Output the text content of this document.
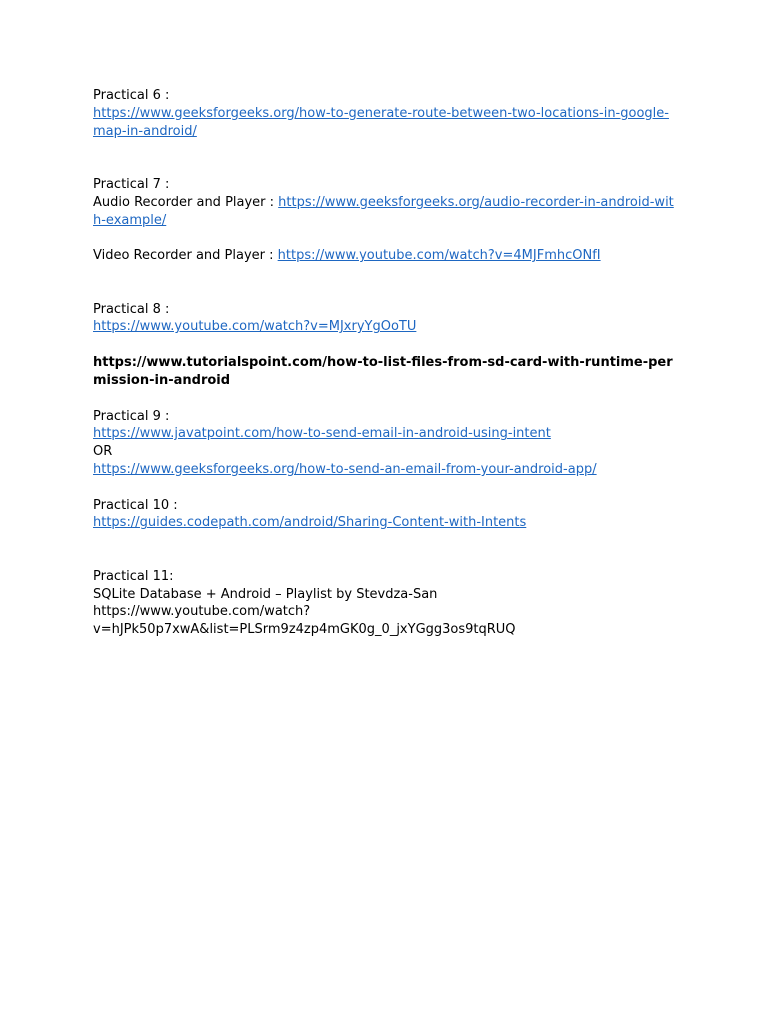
Practical 6 :
https://www.geeksforgeeks.org/how-to-generate-route-between-two-locations-in-google-map-in-android/
Practical 7 :
Audio Recorder and Player : https://www.geeksforgeeks.org/audio-recorder-in-android-with-example/
Video Recorder and Player : https://www.youtube.com/watch?v=4MJFmhcONfI
Practical 8 :
https://www.youtube.com/watch?v=MJxryYgOoTU
https://www.tutorialspoint.com/how-to-list-files-from-sd-card-with-runtime-permission-in-android
Practical 9 :
https://www.javatpoint.com/how-to-send-email-in-android-using-intent
OR
https://www.geeksforgeeks.org/how-to-send-an-email-from-your-android-app/
Practical 10 :
https://guides.codepath.com/android/Sharing-Content-with-Intents
Practical 11:
SQLite Database + Android – Playlist by Stevdza-San
https://www.youtube.com/watch?
v=hJPk50p7xwA&list=PLSrm9z4zp4mGK0g_0_jxYGgg3os9tqRUQ
